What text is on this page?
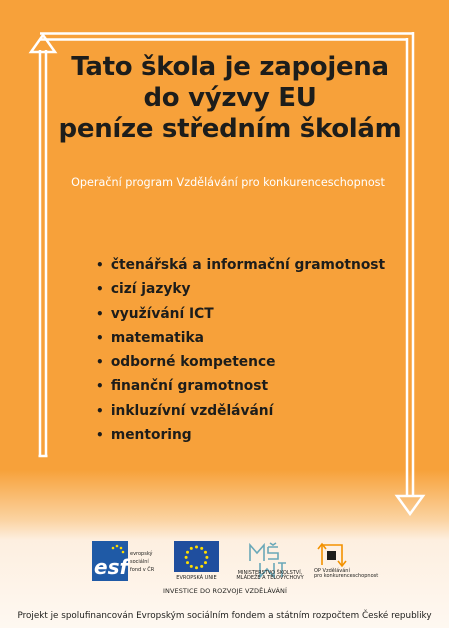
Tato škola je zapojena
do výzvy EU
peníze středním školám
Operační program Vzdělávání pro konkurenceschopnost
• čtenářská a informační gramotnost
• cizí jazyky
• využívání ICT
• matematika
• odborné kompetence
• finanční gramotnost
• inkluzívní vzdělávání
• mentoring
esf
evropský
sociální
fond v ČR
EVROPSKÁ UNIE
MINISTERSTVO ŠKOLSTVÍ,
MLÁDEŽE A TĚLOVÝCHOVY
OP Vzdělávání
pro konkurenceschopnost
INVESTICE DO ROZVOJE VZDĚLÁVÁNÍ
Projekt je spolufinancován Evropským sociálním fondem a státním rozpočtem České republiky
